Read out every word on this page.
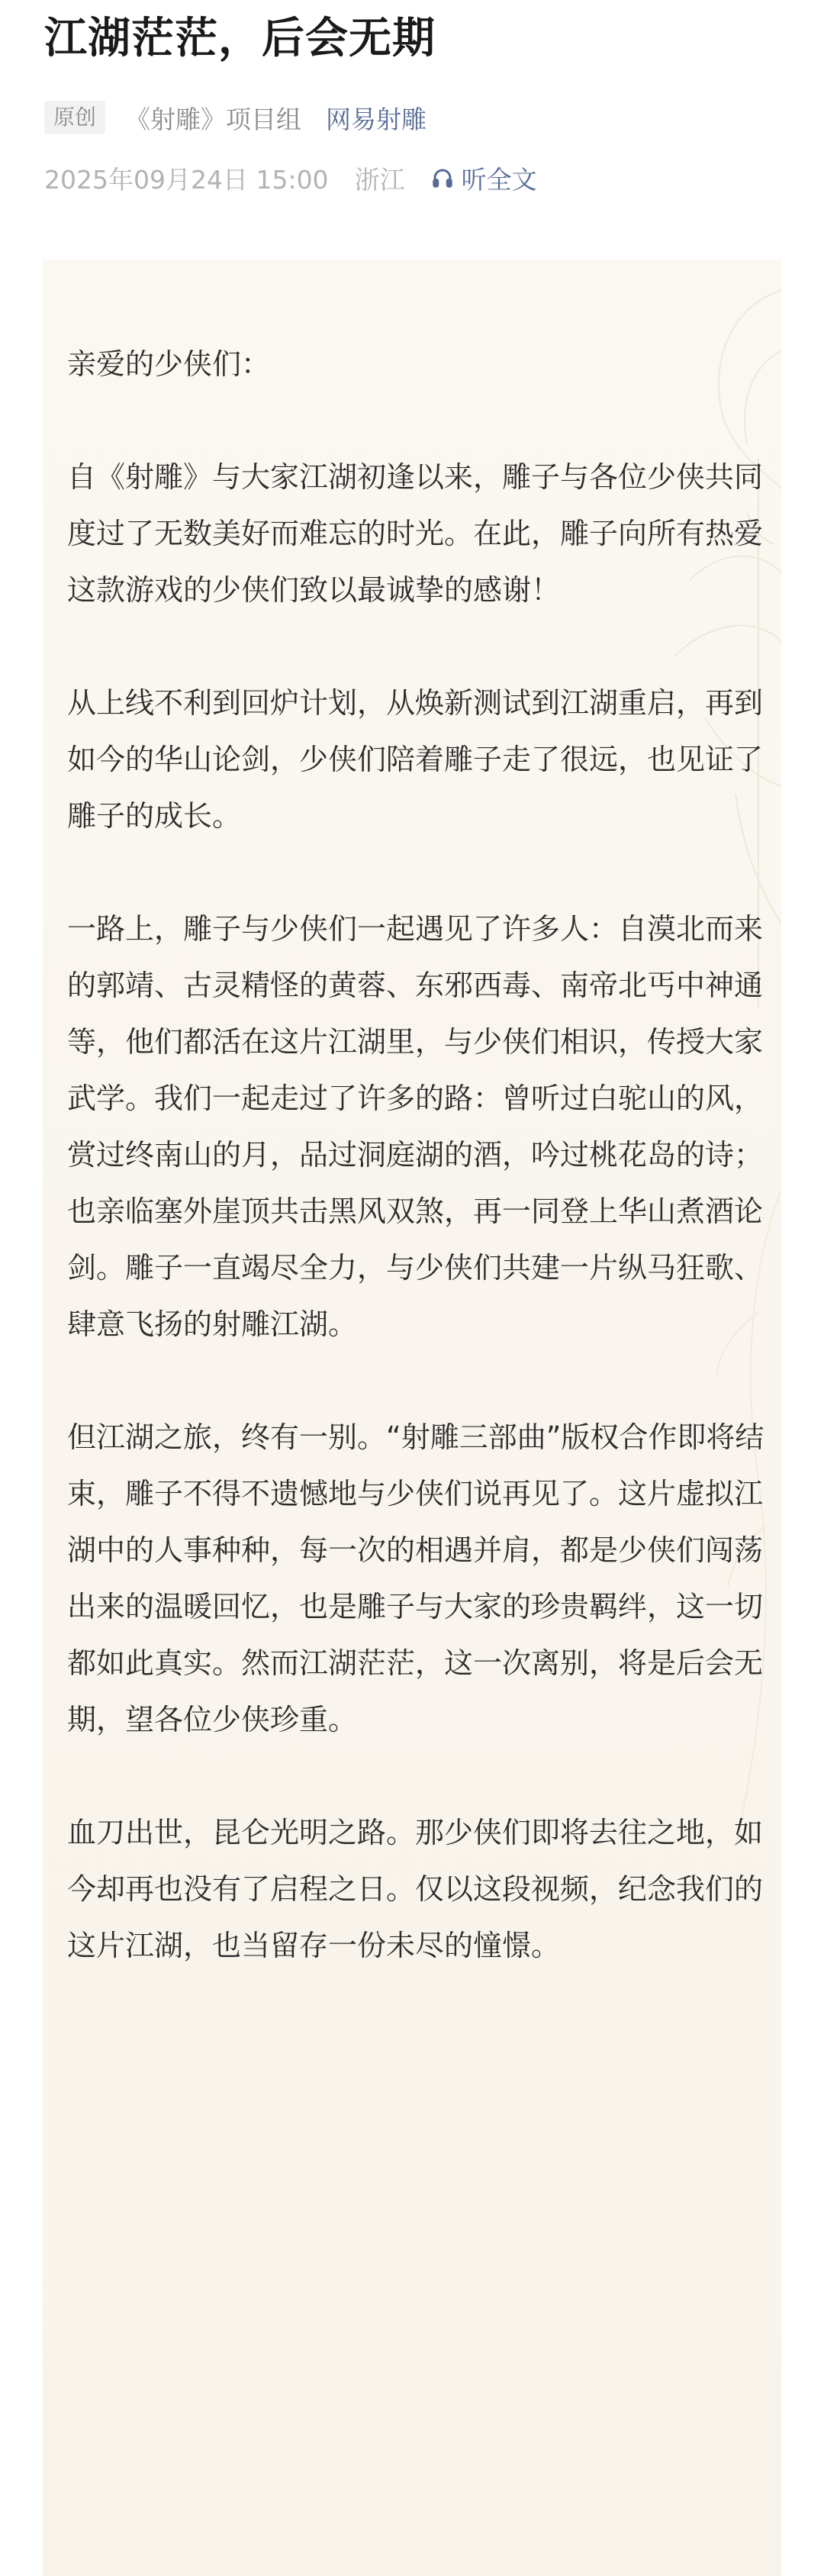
江湖茫茫，后会无期
原创	《射雕》项目组 网易射雕
2025年09月24日 15:00 浙江 听全文

亲爱的少侠们：

自《射雕》与大家江湖初逢以来，雕子与各位少侠共同度过了无数美好而难忘的时光。在此，雕子向所有热爱这款游戏的少侠们致以最诚挚的感谢！

从上线不利到回炉计划，从焕新测试到江湖重启，再到如今的华山论剑，少侠们陪着雕子走了很远，也见证了雕子的成长。

一路上，雕子与少侠们一起遇见了许多人：自漠北而来的郭靖、古灵精怪的黄蓉、东邪西毒、南帝北丐中神通等，他们都活在这片江湖里，与少侠们相识，传授大家武学。我们一起走过了许多的路：曾听过白驼山的风，赏过终南山的月，品过洞庭湖的酒，吟过桃花岛的诗；也亲临塞外崖顶共击黑风双煞，再一同登上华山煮酒论剑。雕子一直竭尽全力，与少侠们共建一片纵马狂歌、肆意飞扬的射雕江湖。

但江湖之旅，终有一别。“射雕三部曲”版权合作即将结束，雕子不得不遗憾地与少侠们说再见了。这片虚拟江湖中的人事种种，每一次的相遇并肩，都是少侠们闯荡出来的温暖回忆，也是雕子与大家的珍贵羁绊，这一切都如此真实。然而江湖茫茫，这一次离别，将是后会无期，望各位少侠珍重。

血刀出世，昆仑光明之路。那少侠们即将去往之地，如今却再也没有了启程之日。仅以这段视频，纪念我们的这片江湖，也当留存一份未尽的憧憬。
